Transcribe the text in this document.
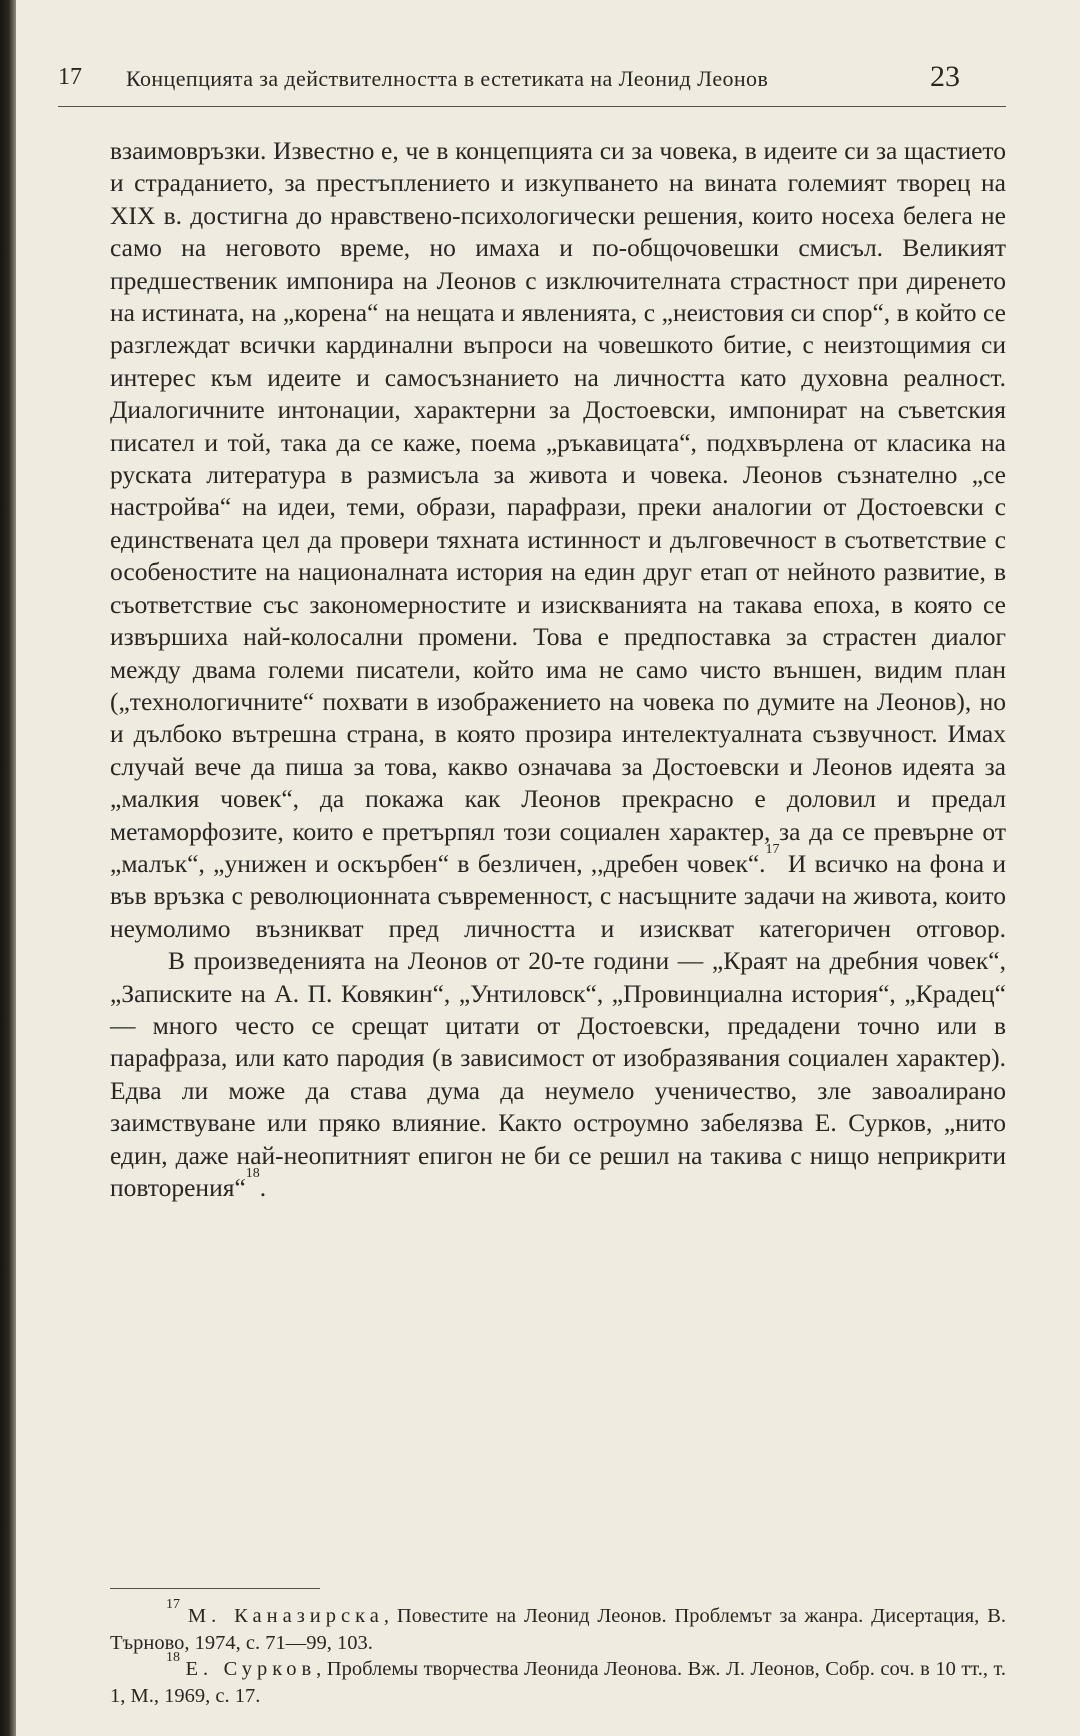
17 Концепцията за действителността в естетиката на Леонид Леонов	23

взаимовръзки. Известно е, че в концепцията си за човека, в идеите си за щастието и страданието, за престъплението и изкупването на вината големият творец на XIX в. достигна до нравствено-психологически решения, които носеха белега не само на неговото време, но имаха и по-общочовешки смисъл. Великият предшественик импонира на Леонов с изключителната страстност при диренето на истината, на „корена“ на нещата и явленията, с „неистовия си спор“, в който се разглеждат всички кардинални въпроси на човешкото битие, с неизтощимия си интерес към идеите и самосъзнанието на личността като духовна реалност. Диалогичните интонации, характерни за Достоевски, импонират на съветския писател и той, така да се каже, поема „ръкавицата“, подхвърлена от класика на руската литература в размисъла за живота и човека. Леонов съзнателно „се настройва“ на идеи, теми, образи, парафрази, преки аналогии от Достоевски с единствената цел да провери тяхната истинност и дълговечност в съответствие с особеностите на националната история на един друг етап от нейното развитие, в съответствие със закономерностите и изискванията на такава епоха, в която се извършиха най-колосални промени. Това е предпоставка за страстен диалог между двама големи писатели, който има не само чисто външен, видим план („технологичните“ похвати в изображението на човека по думите на Леонов), но и дълбоко вътрешна страна, в която прозира интелектуалната съзвучност. Имах случай вече да пиша за това, какво означава за Достоевски и Леонов идеята за „малкия човек“, да покажа как Леонов прекрасно е доловил и предал метаморфозите, които е претърпял този социален характер, за да се превърне от „малък“, „унижен и оскърбен“ в безличен, ,,дребен човек“.$^{17}$ И всичко на фона и във връзка с революционната съвременност, с насъщните задачи на живота, които неумолимо възникват пред личността и изискват категоричен отговор.

В произведенията на Леонов от 20-те години — „Краят на дребния човек“, „Записките на А. П. Ковякин“, „Унтиловск“, „Провинциална история“, „Крадец“ — много често се срещат цитати от Достоевски, предадени точно или в парафраза, или като пародия (в зависимост от изобразявания социален характер). Едва ли може да става дума да неумело ученичество, зле завоалирано заимствуване или пряко влияние. Както остроумно забелязва Е. Сурков, „нито един, даже най-неопитният епигон не би се решил на такива с нищо неприкрити повторения“$^{18}$.

$^{17}$ М. Каназирска, Повестите на Леонид Леонов. Проблемът за жанра. Дисертация, В. Търново, 1974, с. 71—99, 103.

$^{18}$ Е. Сурков, Проблемы творчества Леонида Леонова. Вж. Л. Леонов, Собр. соч. в 10 тт., т. 1, М., 1969, с. 17.
